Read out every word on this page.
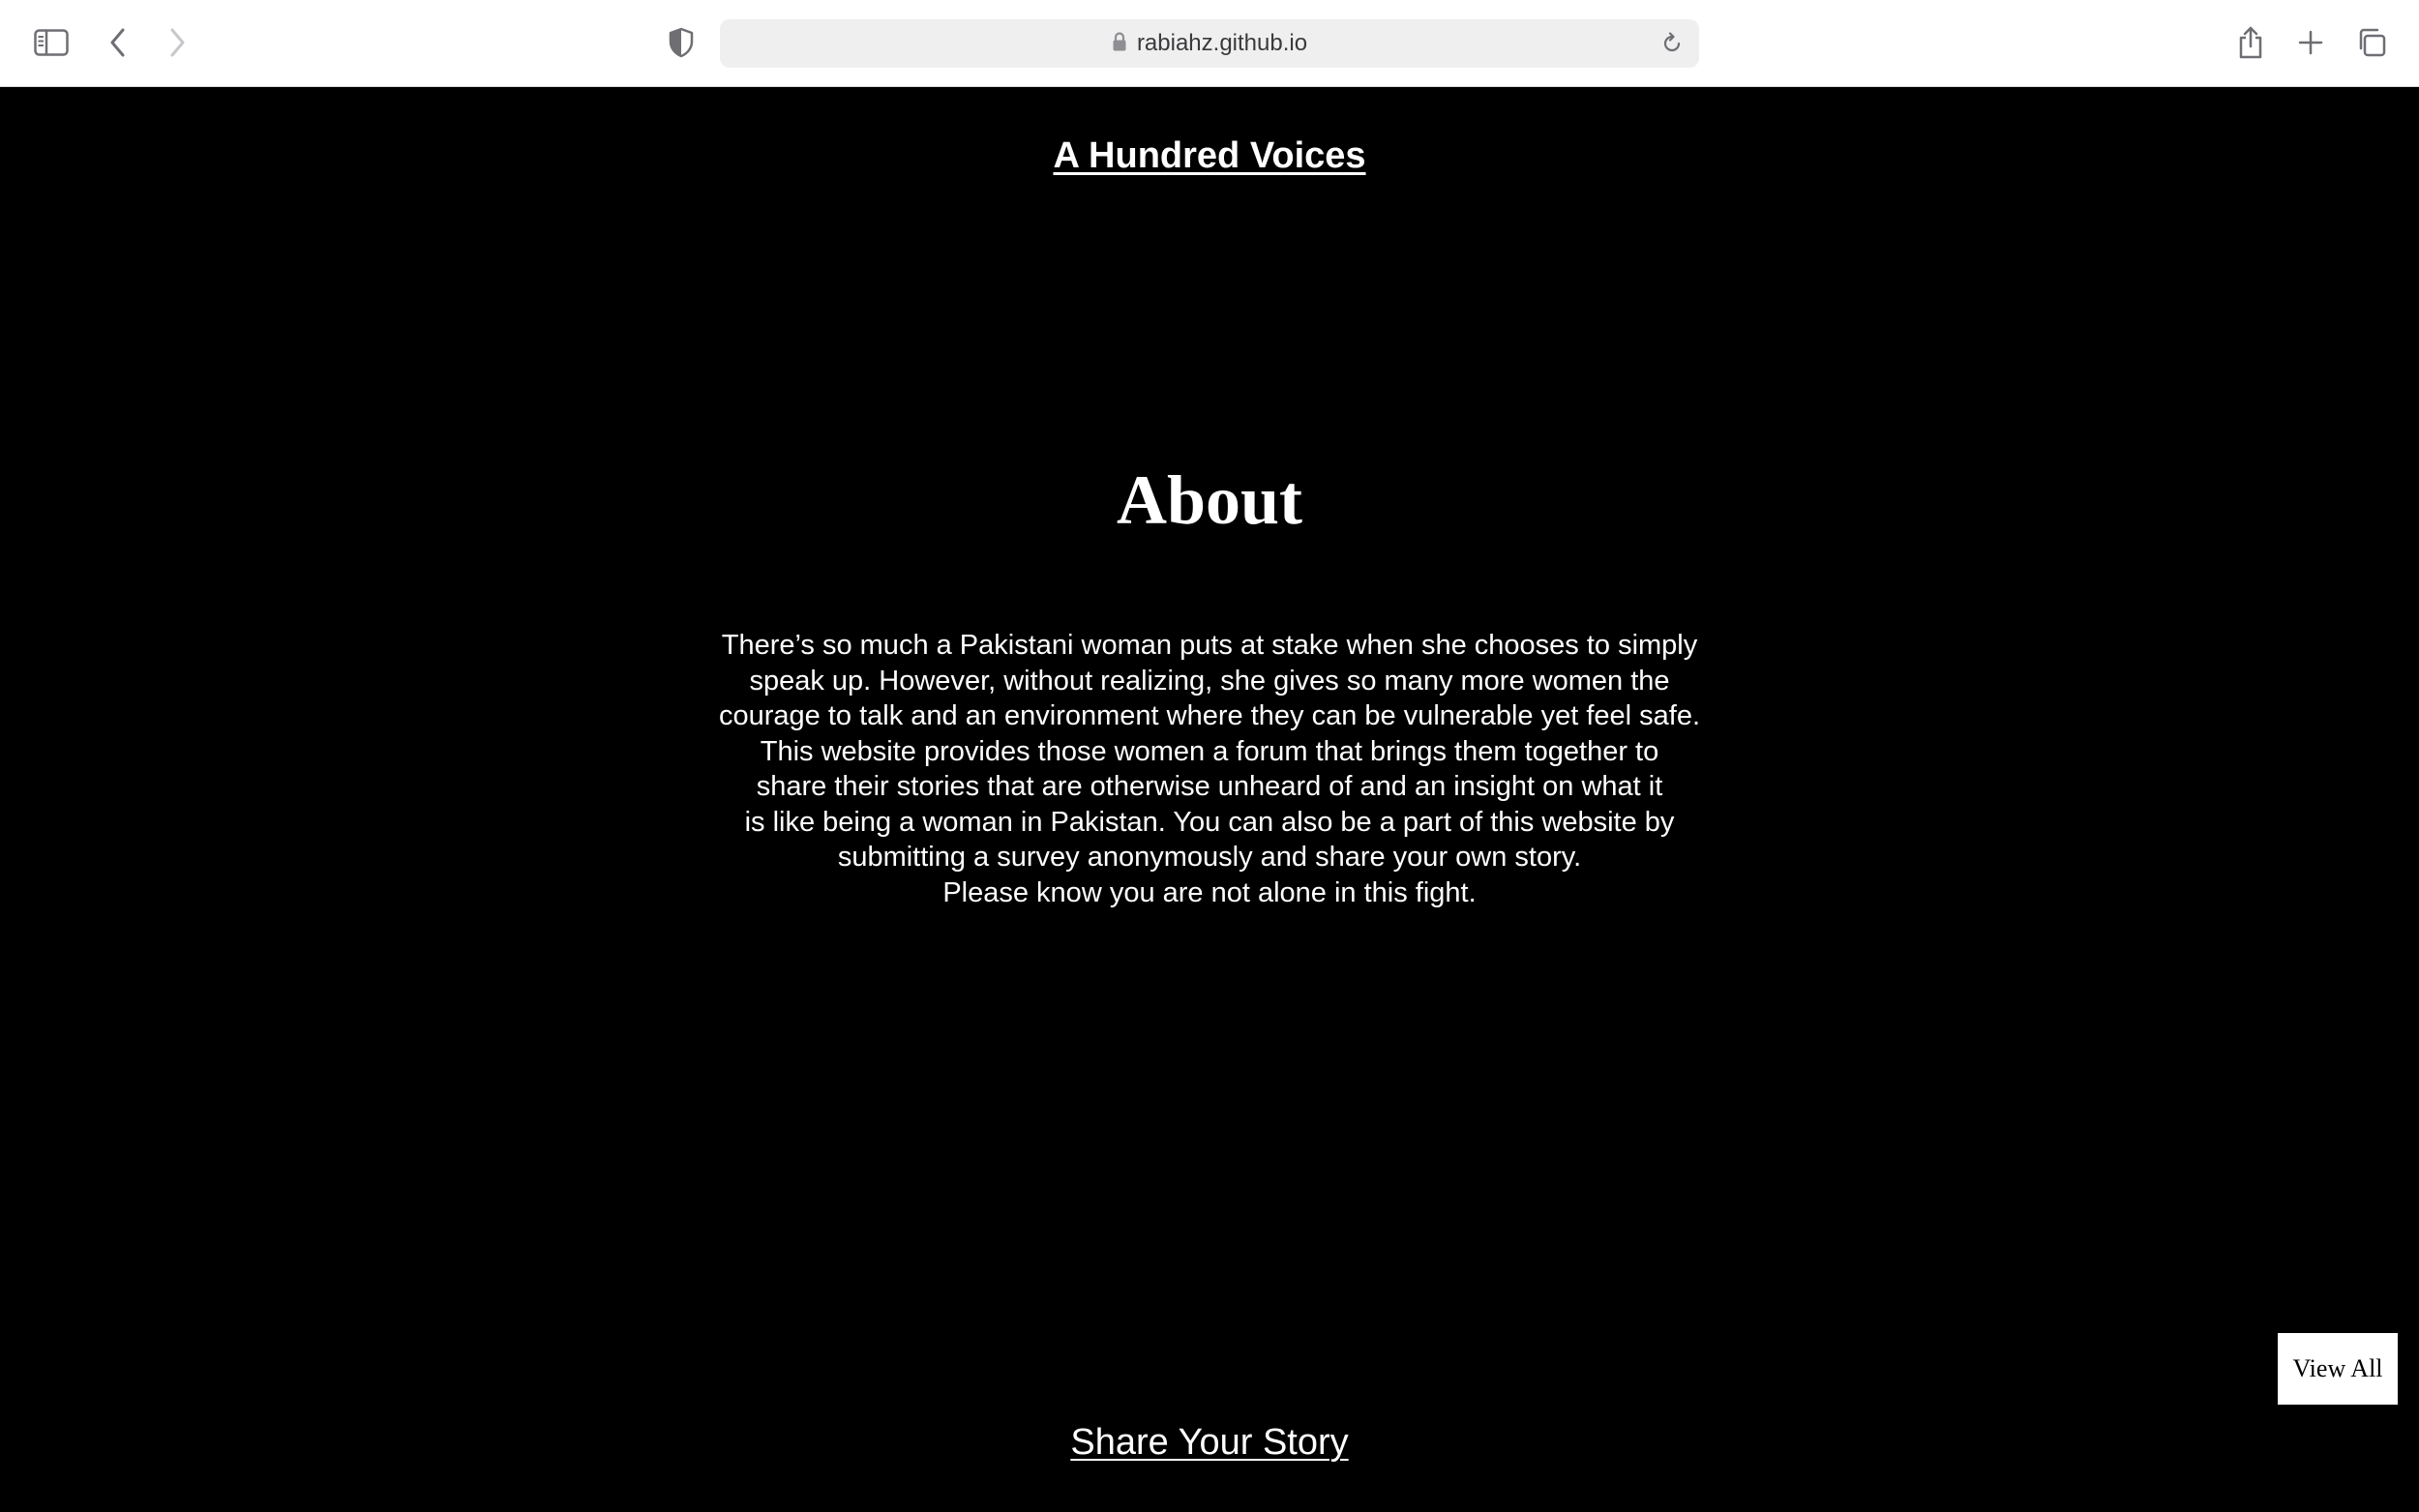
rabiahz.github.io
A Hundred Voices
About
There’s so much a Pakistani woman puts at stake when she chooses to simply
speak up. However, without realizing, she gives so many more women the
courage to talk and an environment where they can be vulnerable yet feel safe.
This website provides those women a forum that brings them together to
share their stories that are otherwise unheard of and an insight on what it
is like being a woman in Pakistan. You can also be a part of this website by
submitting a survey anonymously and share your own story.
Please know you are not alone in this fight.
Share Your Story
View All
